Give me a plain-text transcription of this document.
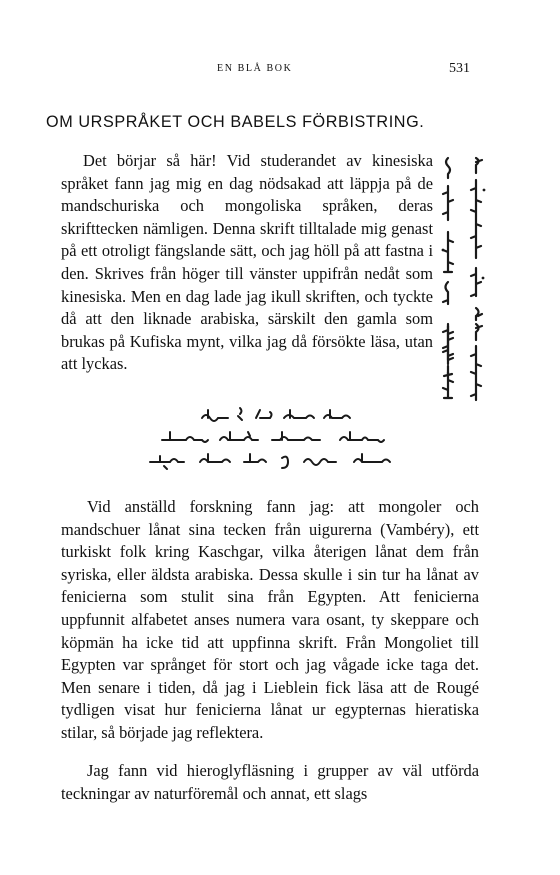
EN BLÅ BOK	531
OM URSPRÅKET OCH BABELS FÖRBISTRING.

Det börjar så här! Vid studerandet av kinesiska språket fann jag mig en dag nödsakad att läppja på de mandschuriska och mongoliska språken, deras skrifttecken nämligen. Denna skrift tilltalade mig genast på ett otroligt fängslande sätt, och jag höll på att fastna i den. Skrives från höger till vänster uppifrån nedåt som kinesiska. Men en dag lade jag ikull skriften, och tyckte då att den liknade arabiska, särskilt den gamla som brukas på Kufiska mynt, vilka jag då försökte läsa, utan att lyckas.

Vid anställd forskning fann jag: att mongoler och mandschuer lånat sina tecken från uigurerna (Vambéry), ett turkiskt folk kring Kaschgar, vilka återigen lånat dem från syriska, eller äldsta arabiska. Dessa skulle i sin tur ha lånat av fenicierna som stulit sina från Egypten. Att fenicierna uppfunnit alfabetet anses numera vara osant, ty skeppare och köpmän ha icke tid att uppfinna skrift. Från Mongoliet till Egypten var språnget för stort och jag vågade icke taga det. Men senare i tiden, då jag i Lieblein fick läsa att de Rougé tydligen visat hur fenicierna lånat ur egypternas hieratiska stilar, så började jag reflektera.

Jag fann vid hieroglyfläsning i grupper av väl utförda teckningar av naturföremål och annat, ett slags
